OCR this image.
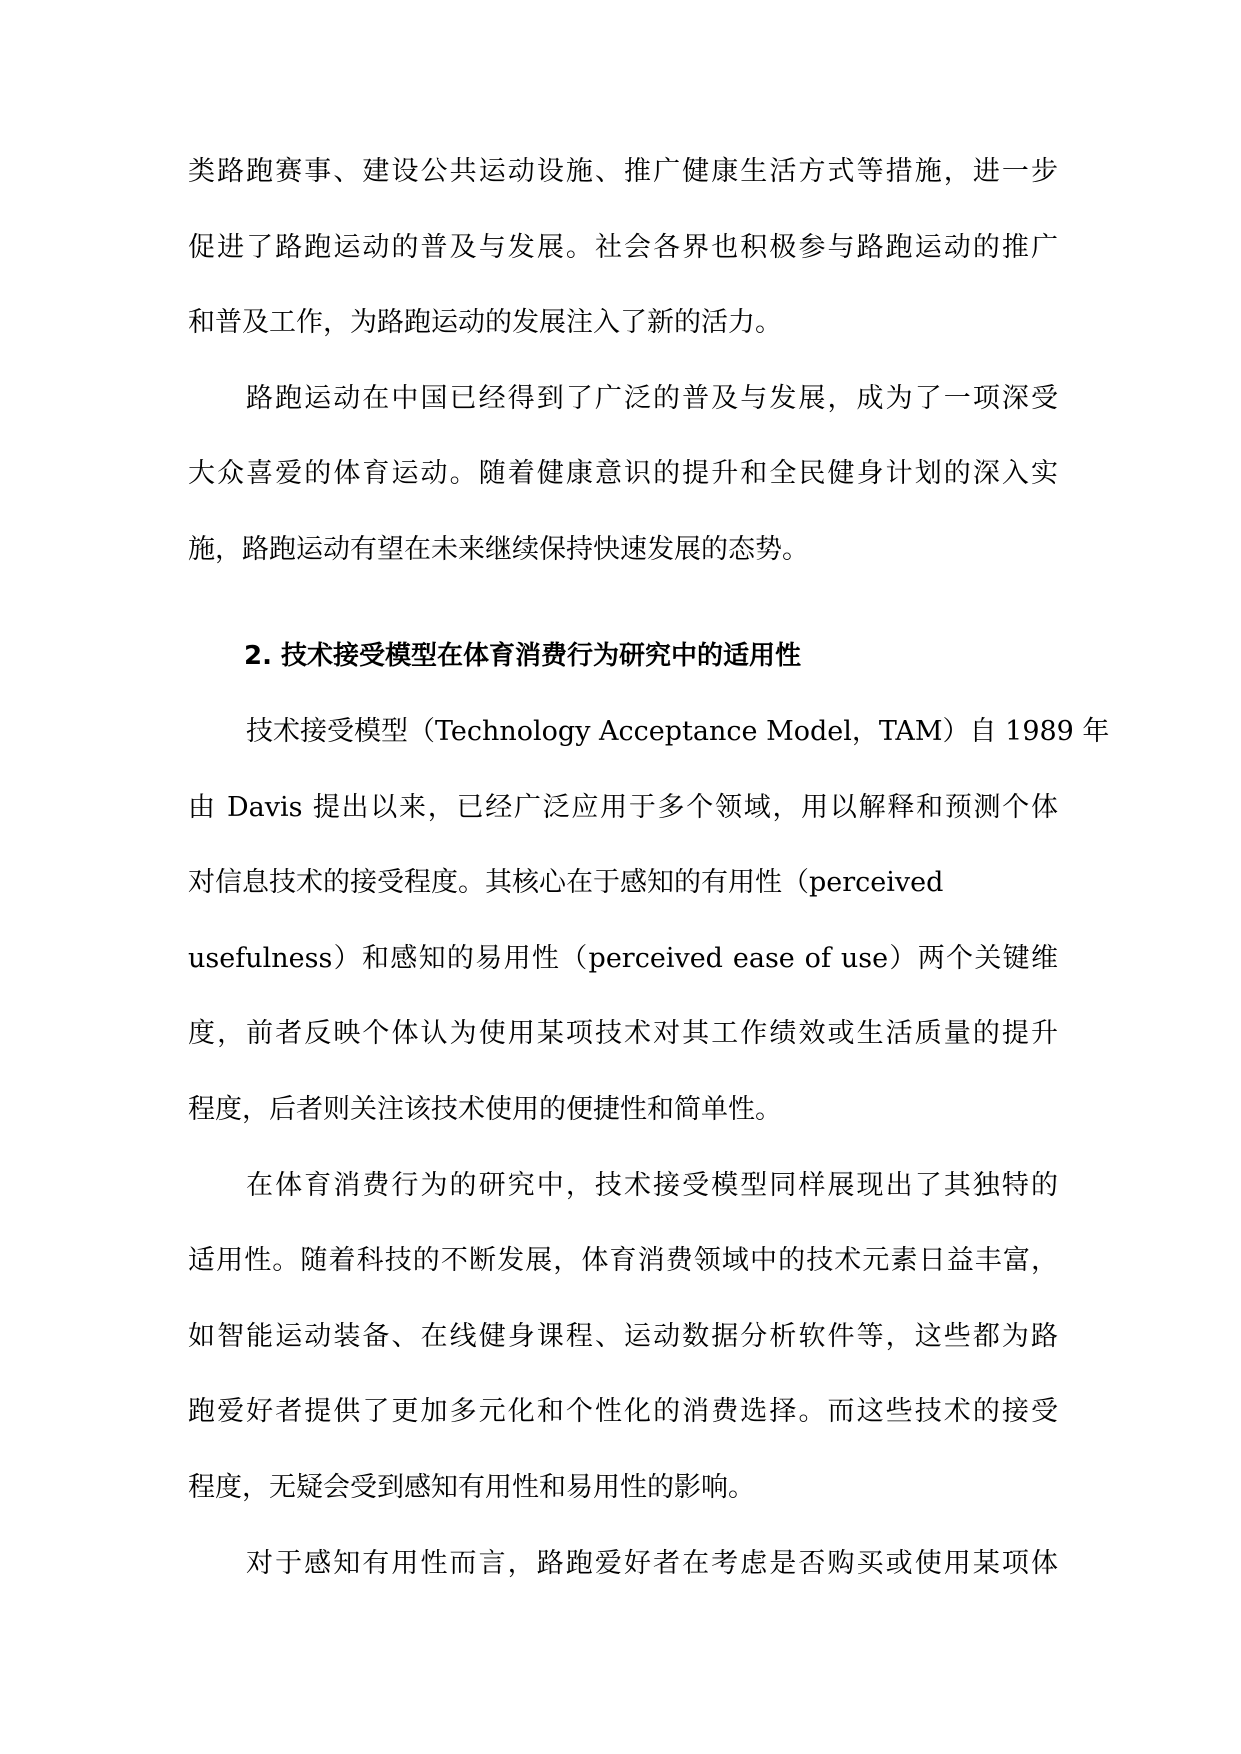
类路跑赛事、建设公共运动设施、推广健康生活方式等措施，进一步
促进了路跑运动的普及与发展。社会各界也积极参与路跑运动的推广
和普及工作，为路跑运动的发展注入了新的活力。
路跑运动在中国已经得到了广泛的普及与发展，成为了一项深受
大众喜爱的体育运动。随着健康意识的提升和全民健身计划的深入实
施，路跑运动有望在未来继续保持快速发展的态势。
2. 技术接受模型在体育消费行为研究中的适用性
技术接受模型（Technology Acceptance Model，TAM）自 1989 年
由 Davis 提出以来，已经广泛应用于多个领域，用以解释和预测个体
对信息技术的接受程度。其核心在于感知的有用性（perceived
usefulness）和感知的易用性（perceived ease of use）两个关键维
度，前者反映个体认为使用某项技术对其工作绩效或生活质量的提升
程度，后者则关注该技术使用的便捷性和简单性。
在体育消费行为的研究中，技术接受模型同样展现出了其独特的
适用性。随着科技的不断发展，体育消费领域中的技术元素日益丰富，
如智能运动装备、在线健身课程、运动数据分析软件等，这些都为路
跑爱好者提供了更加多元化和个性化的消费选择。而这些技术的接受
程度，无疑会受到感知有用性和易用性的影响。
对于感知有用性而言，路跑爱好者在考虑是否购买或使用某项体
